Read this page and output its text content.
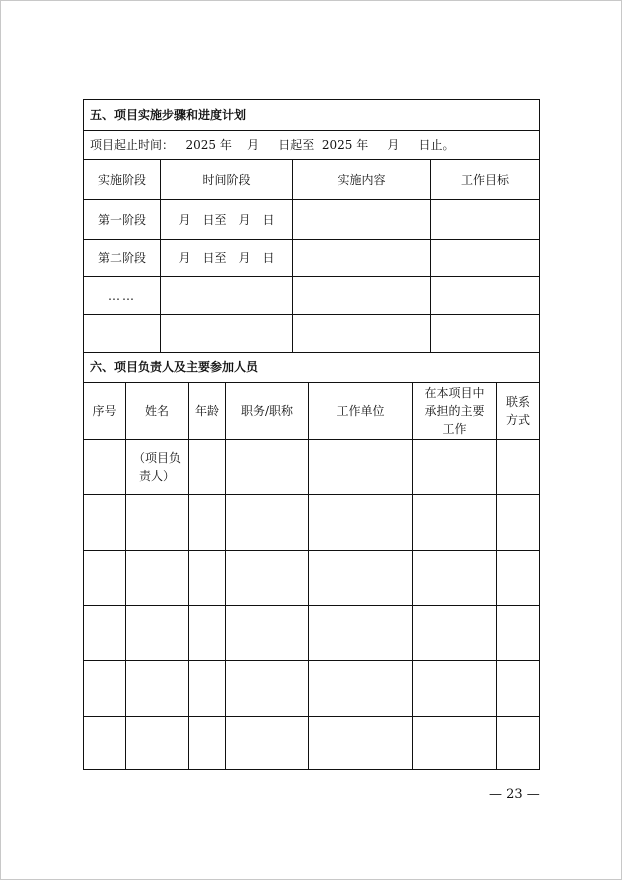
五、项目实施步骤和进度计划			
项目起止时间： 2025 年 月 日起至 2025 年 月 日止。			
实施阶段	时间阶段	实施内容	工作目标
第一阶段	月　日至　月　日		
第二阶段	月　日至　月　日		
……			

六、项目负责人及主要参加人员
序号	姓名	年龄	职务/职称	工作单位	在本项目中承担的主要工作	联系方式
	（项目负责人）					

— 23 —
